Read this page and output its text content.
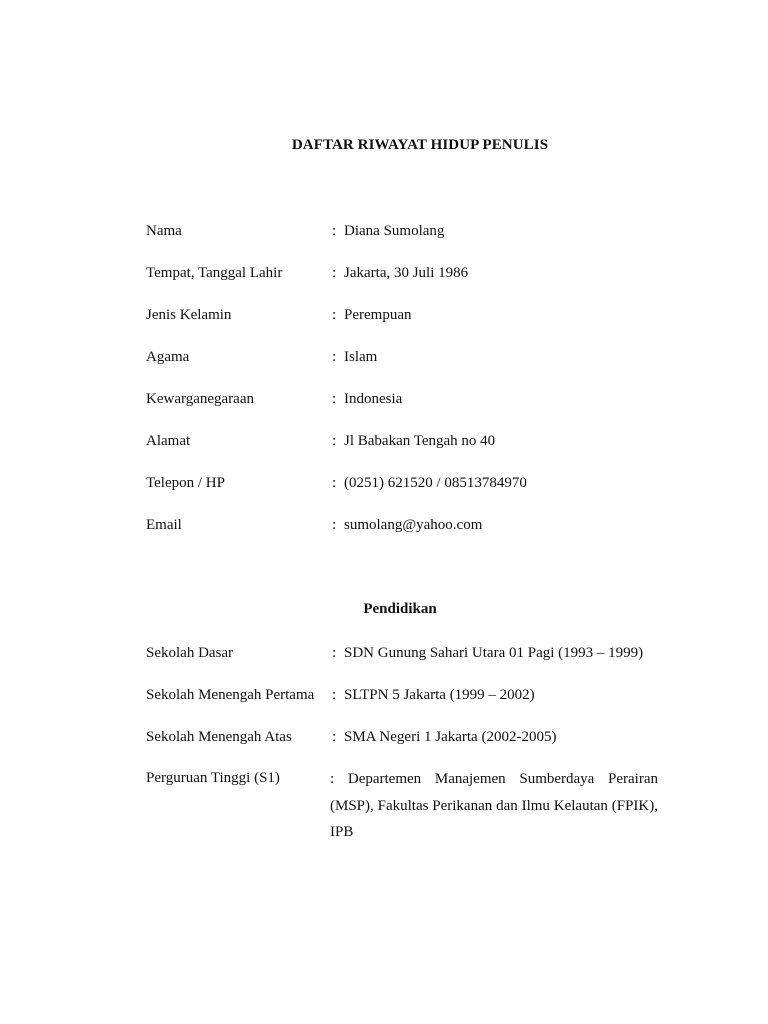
DAFTAR RIWAYAT HIDUP PENULIS
Nama	: Diana Sumolang
Tempat, Tanggal Lahir	: Jakarta, 30 Juli 1986
Jenis Kelamin	: Perempuan
Agama	: Islam
Kewarganegaraan	: Indonesia
Alamat	: Jl Babakan Tengah no 40
Telepon / HP	: (0251) 621520 / 08513784970
Email	: sumolang@yahoo.com
Pendidikan
Sekolah Dasar	: SDN Gunung Sahari Utara 01 Pagi (1993 – 1999)
Sekolah Menengah Pertama : SLTPN 5 Jakarta (1999 – 2002)
Sekolah Menengah Atas	: SMA Negeri 1 Jakarta (2002-2005)
Perguruan Tinggi (S1)	: Departemen Manajemen Sumberdaya Perairan (MSP), Fakultas Perikanan dan Ilmu Kelautan (FPIK), IPB
